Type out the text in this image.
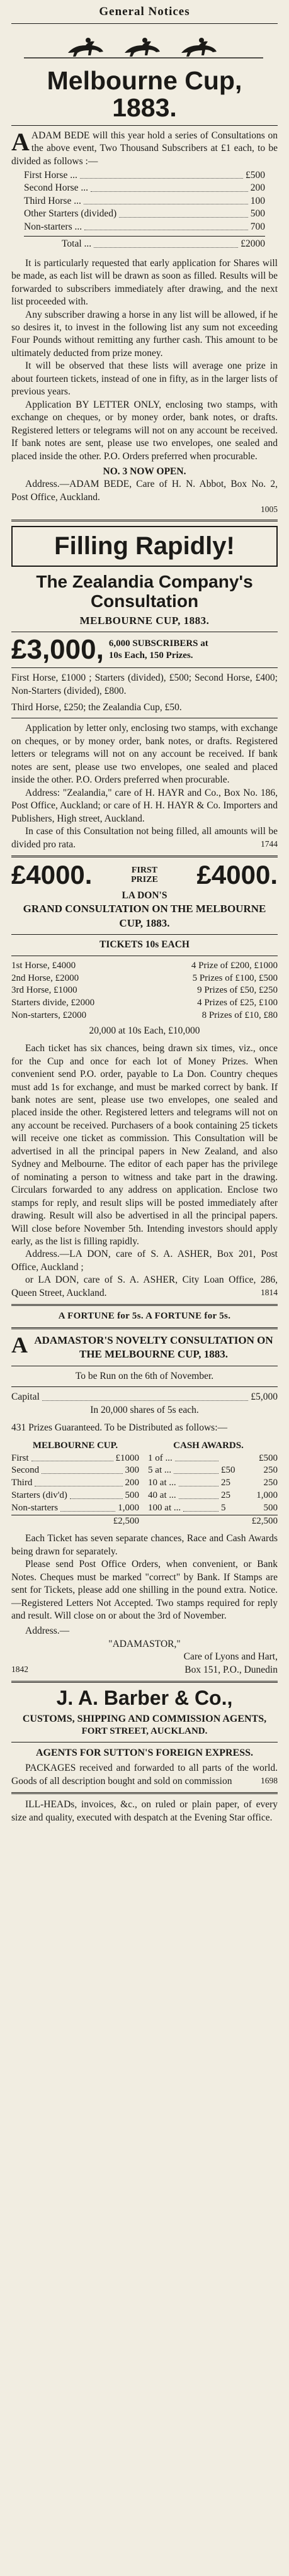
General Notices
Melbourne Cup, 1883.

AADAM BEDE will this year hold a series of Consultations on the above event, Two Thousand Subscribers at £1 each, to be divided as follows :—

First Horse ...	£500
Second Horse ...	200
Third Horse ...	100
Other Starters (divided)	500
Non-starters ...	700
Total ...	£2000

It is particularly requested that early application for Shares will be made, as each list will be drawn as soon as filled. Results will be forwarded to subscribers immediately after drawing, and the next list proceeded with.

Any subscriber drawing a horse in any list will be allowed, if he so desires it, to invest in the following list any sum not exceeding Four Pounds without remitting any further cash. This amount to be ultimately deducted from prize money.

It will be observed that these lists will average one prize in about fourteen tickets, instead of one in fifty, as in the larger lists of previous years.

Application BY LETTER ONLY, enclosing two stamps, with exchange on cheques, or by money order, bank notes, or drafts. Registered letters or telegrams will not on any account be received. If bank notes are sent, please use two envelopes, one sealed and placed inside the other. P.O. Orders preferred when procurable.

NO. 3 NOW OPEN.

Address.—ADAM BEDE, Care of H. N. Abbot, Box No. 2, Post Office, Auckland.

1005

Filling Rapidly!
The Zealandia Company's Consultation
MELBOURNE CUP, 1883.
£3,000, 6,000 SUBSCRIBERS at
10s Each, 150 Prizes.

First Horse, £1000 ; Starters (divided), £500; Second Horse, £400; Non-Starters (divided), £800.

Third Horse, £250; the Zealandia Cup, £50.

Application by letter only, enclosing two stamps, with exchange on cheques, or by money order, bank notes, or drafts. Registered letters or telegrams will not on any account be received. If bank notes are sent, please use two envelopes, one sealed and placed inside the other. P.O. Orders preferred when procurable.

Address: "Zealandia," care of H. HAYR and Co., Box No. 186, Post Office, Auckland; or care of H. H. HAYR & Co. Importers and Publishers, High street, Auckland.

In case of this Consultation not being filled, all amounts will be divided pro rata.	1744

£4000.	FIRST PRIZE £4000.
LA DON'S
GRAND CONSULTATION ON THE MELBOURNE CUP, 1883.
TICKETS 10s EACH
1st Horse, £4000	4 Prize of £200, £1000
2nd Horse, £2000	5 Prizes of £100, £500
3rd Horse, £1000	9 Prizes of £50, £250
Starters divide, £2000	4 Prizes of £25, £100
Non-starters, £2000	8 Prizes of £10, £80
20,000 at 10s Each, £10,000

Each ticket has six chances, being drawn six times, viz., once for the Cup and once for each lot of Money Prizes. When convenient send P.O. order, payable to La Don. Country cheques must add 1s for exchange, and must be marked correct by bank. If bank notes are sent, please use two envelopes, one sealed and placed inside the other. Registered letters and telegrams will not on any account be received. Purchasers of a book containing 25 tickets will receive one ticket as commission. This Consultation will be advertised in all the principal papers in New Zealand, and also Sydney and Melbourne. The editor of each paper has the privilege of nominating a person to witness and take part in the drawing. Circulars forwarded to any address on application. Enclose two stamps for reply, and result slips will be posted immediately after drawing. Result will also be advertised in all the principal papers. Will close before November 5th. Intending investors should apply early, as the list is filling rapidly.

Address.—LA DON, care of S. A. ASHER, Box 201, Post Office, Auckland ;

or LA DON, care of S. A. ASHER, City Loan Office, 286, Queen Street, Auckland.	1814

A FORTUNE for 5s. A FORTUNE for 5s.

AADAMASTOR'S NOVELTY CONSULTATION ON THE MELBOURNE CUP, 1883.

To be Run on the 6th of November.
Capital	£5,000
In 20,000 shares of 5s each.
431 Prizes Guaranteed. To be Distributed as follows:—
MELBOURNE CUP.	CASH AWARDS.

First £1000	1 of ... £500

Second 300	5 at ... £50 250

Third 200	10 at ... 25 250

Starters (div'd) 500	40 at ... 25 1,000

Non-starters 1,000	100 at ... 5 500

£2,500	£2,500

Each Ticket has seven separate chances, Race and Cash Awards being drawn for separately.

Please send Post Office Orders, when convenient, or Bank Notes. Cheques must be marked "correct" by Bank. If Stamps are sent for Tickets, please add one shilling in the pound extra. Notice.—Registered Letters Not Accepted. Two stamps required for reply and result. Will close on or about the 3rd of November.

Address.—

"ADAMASTOR,"

Care of Lyons and Hart,

1842	Box 151, P.O., Dunedin
J. A. Barber & Co.,
CUSTOMS, SHIPPING AND COMMISSION AGENTS,
FORT STREET, AUCKLAND.
AGENTS FOR SUTTON'S FOREIGN EXPRESS.

PACKAGES received and forwarded to all parts of the world. Goods of all description bought and sold on commission	1698

ILL-HEADs, invoices, &c., on ruled or plain paper, of every size and quality, executed with despatch at the Evening Star office.
